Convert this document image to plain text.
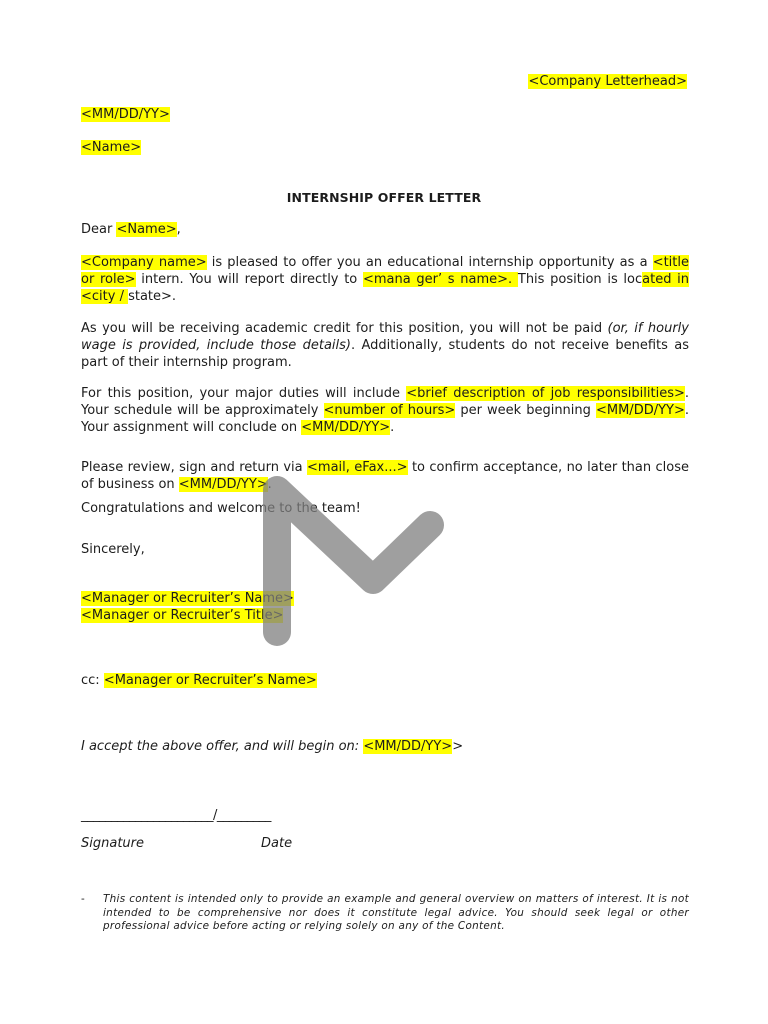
<Company Letterhead>
<MM/DD/YY>
<Name>
INTERNSHIP OFFER LETTER
Dear <Name>,
<Company name> is pleased to offer you an educational internship opportunity as a <title or role> intern. You will report directly to <mana ger’ s name>. This position is located in <city / state>.
As you will be receiving academic credit for this position, you will not be paid (or, if hourly wage is provided, include those details). Additionally, students do not receive benefits as part of their internship program.
For this position, your major duties will include <brief description of job responsibilities>. Your schedule will be approximately <number of hours> per week beginning <MM/DD/YY>. Your assignment will conclude on <MM/DD/YY>.
Please review, sign and return via <mail, eFax...> to confirm acceptance, no later than close of business on <MM/DD/YY>.
Congratulations and welcome to the team!
Sincerely,
<Manager or Recruiter’s Name>
<Manager or Recruiter’s Title>
cc: <Manager or Recruiter’s Name>
I accept the above offer, and will begin on: <MM/DD/YY>>
______________________/_________
Signature	Date
- This content is intended only to provide an example and general overview on matters of interest. It is not intended to be comprehensive nor does it constitute legal advice. You should seek legal or other professional advice before acting or relying solely on any of the Content.
